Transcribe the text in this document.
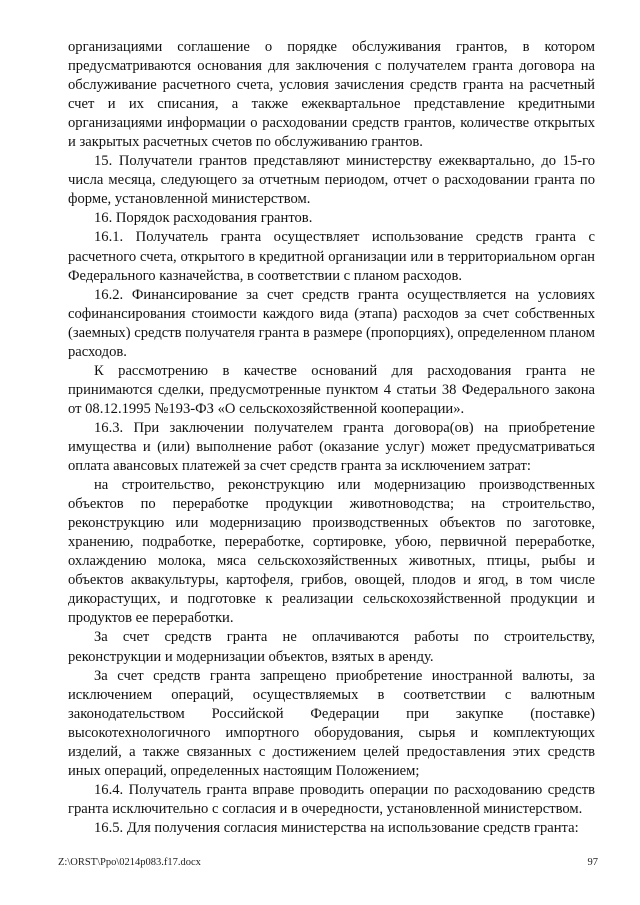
организациями соглашение о порядке обслуживания грантов, в котором предусматриваются основания для заключения с получателем гранта договора на обслуживание расчетного счета, условия зачисления средств гранта на расчетный счет и их списания, а также ежеквартальное представление кредитными организациями информации о расходовании средств грантов, количестве открытых и закрытых расчетных счетов по обслуживанию грантов.

15. Получатели грантов представляют министерству ежеквартально, до 15-го числа месяца, следующего за отчетным периодом, отчет о расходовании гранта по форме, установленной министерством.

16. Порядок расходования грантов.

16.1. Получатель гранта осуществляет использование средств гранта с расчетного счета, открытого в кредитной организации или в территориальном орган Федерального казначейства, в соответствии с планом расходов.

16.2. Финансирование за счет средств гранта осуществляется на условиях софинансирования стоимости каждого вида (этапа) расходов за счет собственных (заемных) средств получателя гранта в размере (пропорциях), определенном планом расходов.

К рассмотрению в качестве оснований для расходования гранта не принимаются сделки, предусмотренные пунктом 4 статьи 38 Федерального закона от 08.12.1995 №193-ФЗ «О сельскохозяйственной кооперации».

16.3. При заключении получателем гранта договора(ов) на приобретение имущества и (или) выполнение работ (оказание услуг) может предусматриваться оплата авансовых платежей за счет средств гранта за исключением затрат:

на строительство, реконструкцию или модернизацию производственных объектов по переработке продукции животноводства; на строительство, реконструкцию или модернизацию производственных объектов по заготовке, хранению, подработке, переработке, сортировке, убою, первичной переработке, охлаждению молока, мяса сельскохозяйственных животных, птицы, рыбы и объектов аквакультуры, картофеля, грибов, овощей, плодов и ягод, в том числе дикорастущих, и подготовке к реализации сельскохозяйственной продукции и продуктов ее переработки.

За счет средств гранта не оплачиваются работы по строительству, реконструкции и модернизации объектов, взятых в аренду.

За счет средств гранта запрещено приобретение иностранной валюты, за исключением операций, осуществляемых в соответствии с валютным законодательством Российской Федерации при закупке (поставке) высокотехнологичного импортного оборудования, сырья и комплектующих изделий, а также связанных с достижением целей предоставления этих средств иных операций, определенных настоящим Положением;

16.4. Получатель гранта вправе проводить операции по расходованию средств гранта исключительно с согласия и в очередности, установленной министерством.

16.5. Для получения согласия министерства на использование средств гранта:

Z:\ORST\Ppo\0214p083.f17.docx	97
